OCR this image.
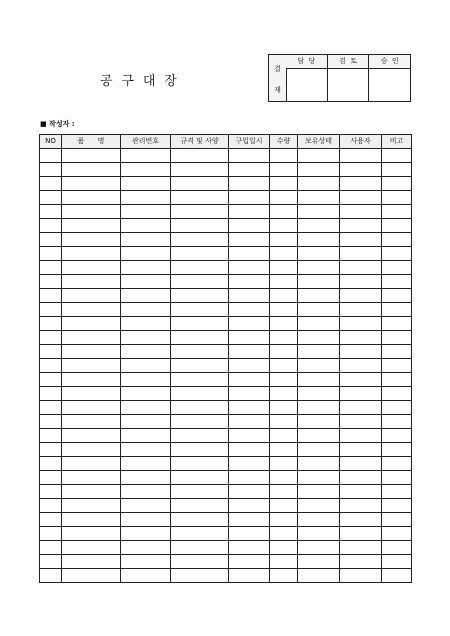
공  구  대  장
결
재
담  당	검  토	승  인
■ 작성자 :
NO	품      명	관리번호	규격 및 사양	구입일시	수량	보유상태	사용자	비고
